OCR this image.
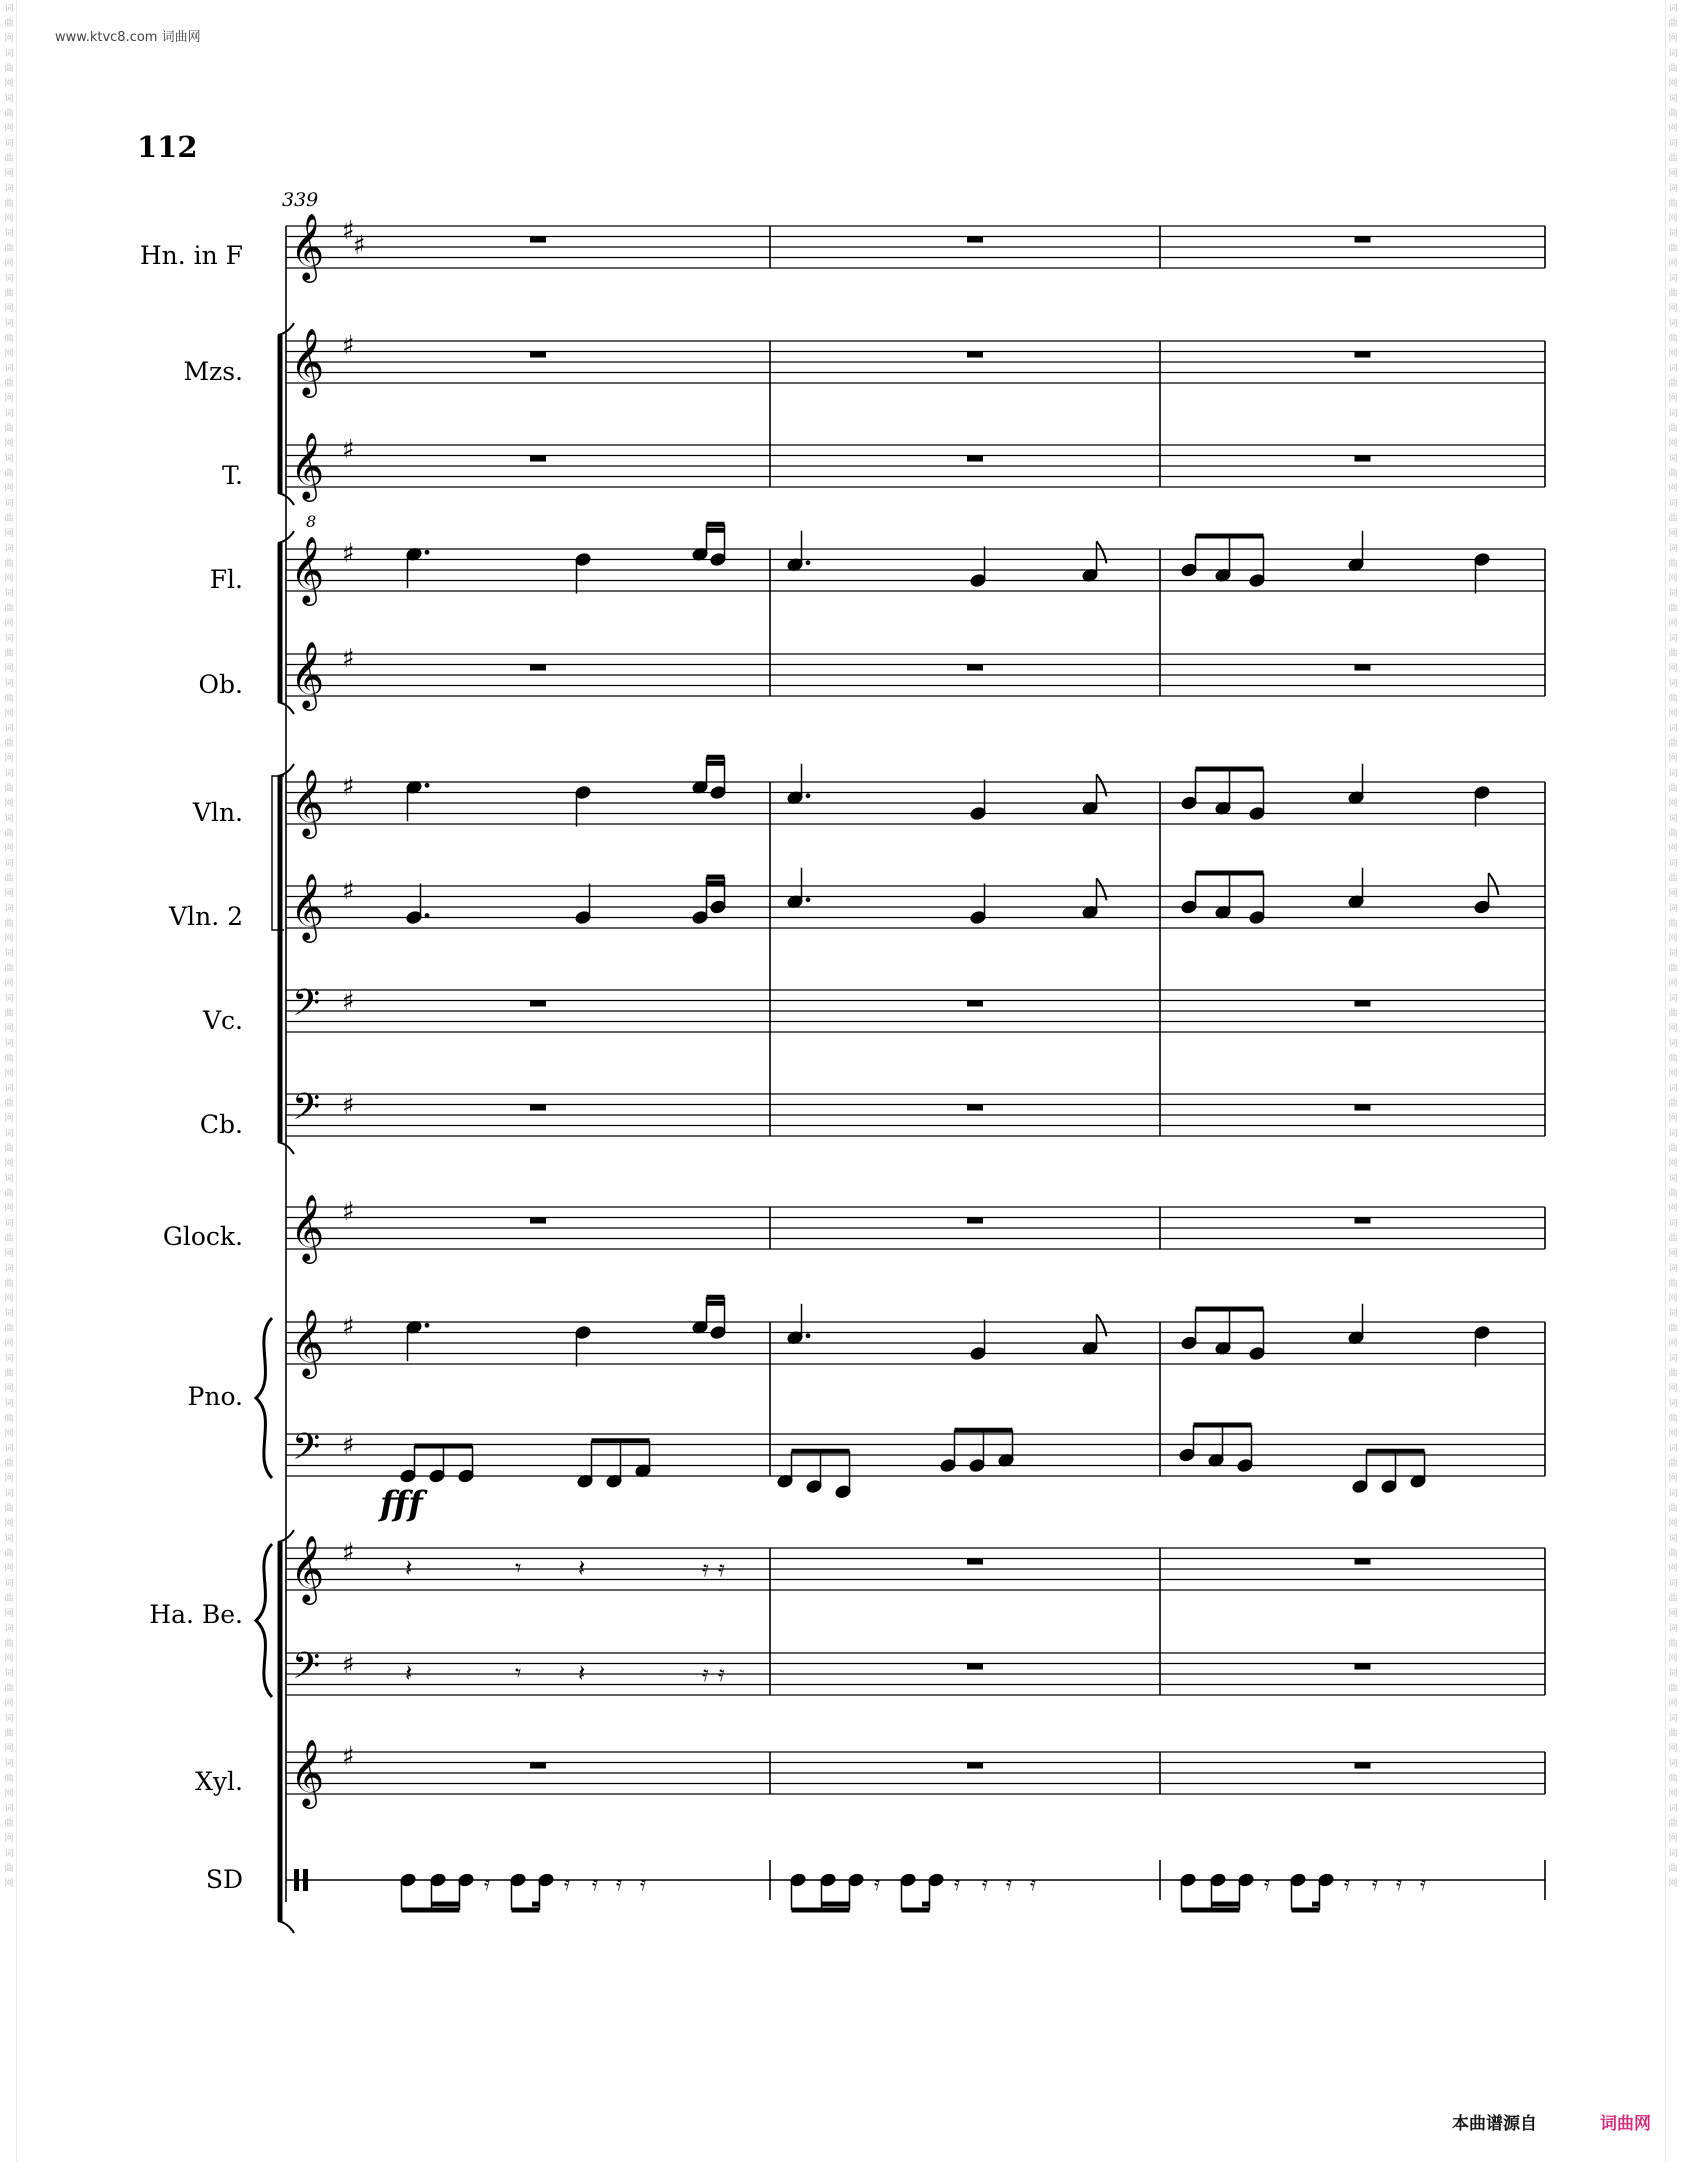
www.ktvc8.com 词曲网
112
词
曲
网
词
曲
网
词
曲
网
词
曲
网
词
曲
网
词
曲
网
词
曲
网
词
曲
网
词
曲
网
词
曲
网
词
曲
网
词
曲
网
词
曲
网
词
曲
网
词
曲
网
词
曲
网
词
曲
网
词
曲
网
词
曲
网
词
曲
网
词
曲
网
词
曲
网
词
曲
网
词
曲
网
词
曲
网
词
曲
网
词
曲
网
词
曲
网
词
曲
网
词
曲
网
词
曲
网
词
曲
网
词
曲
网
词
曲
网
词
曲
网
词
曲
网
词
曲
网
词
曲
网
词
曲
网
词
曲
网
词
曲
网
词
曲
网
词
曲
网
词
曲
网
词
曲
网
词
曲
网
词
曲
网
词
曲
网
词
曲
网
词
曲
网
词
曲
网
词
曲
网
词
曲
网
词
曲
网
词
曲
网
词
曲
网
词
曲
网
词
曲
网
词
曲
网
词
曲
网
词
曲
网
词
曲
网
词
曲
网
词
曲
网
词
曲
网
词
曲
网
词
曲
网
词
曲
网
词
曲
网
词
曲
网
词
曲
网
词
曲
网
词
曲
网
词
曲
网
词
曲
网
词
曲
网
词
曲
网
词
曲
网
词
曲
网
词
曲
网
词
曲
网
词
曲
网
词
曲
网
词
曲
网
Hn. in F
Mzs.
T.
Fl.
Ob.
Vln.
Vln. 2
Vc.
Cb.
Glock.
Pno.
Ha. Be.
Xyl.
SD
𝄞 ♯
♯
𝄞 ♯
𝄞 ♯
8
𝄞 ♯
𝄞 ♯
𝄞 ♯
𝄞 ♯
𝄢 ♯
𝄢 ♯
𝄞 ♯
𝄞 ♯
𝄢 ♯
𝄞 ♯
𝄢 ♯
𝄞 ♯
𝄽	𝄾 𝄽	𝄿 𝄿
𝄽	𝄾 𝄽	𝄿 𝄿
339
fff
𝄿	𝄿 𝄿 𝄿 𝄿	𝄿	𝄿 𝄿 𝄿 𝄿	𝄿	𝄿 𝄿 𝄿 𝄿
本曲谱源自	词曲网
